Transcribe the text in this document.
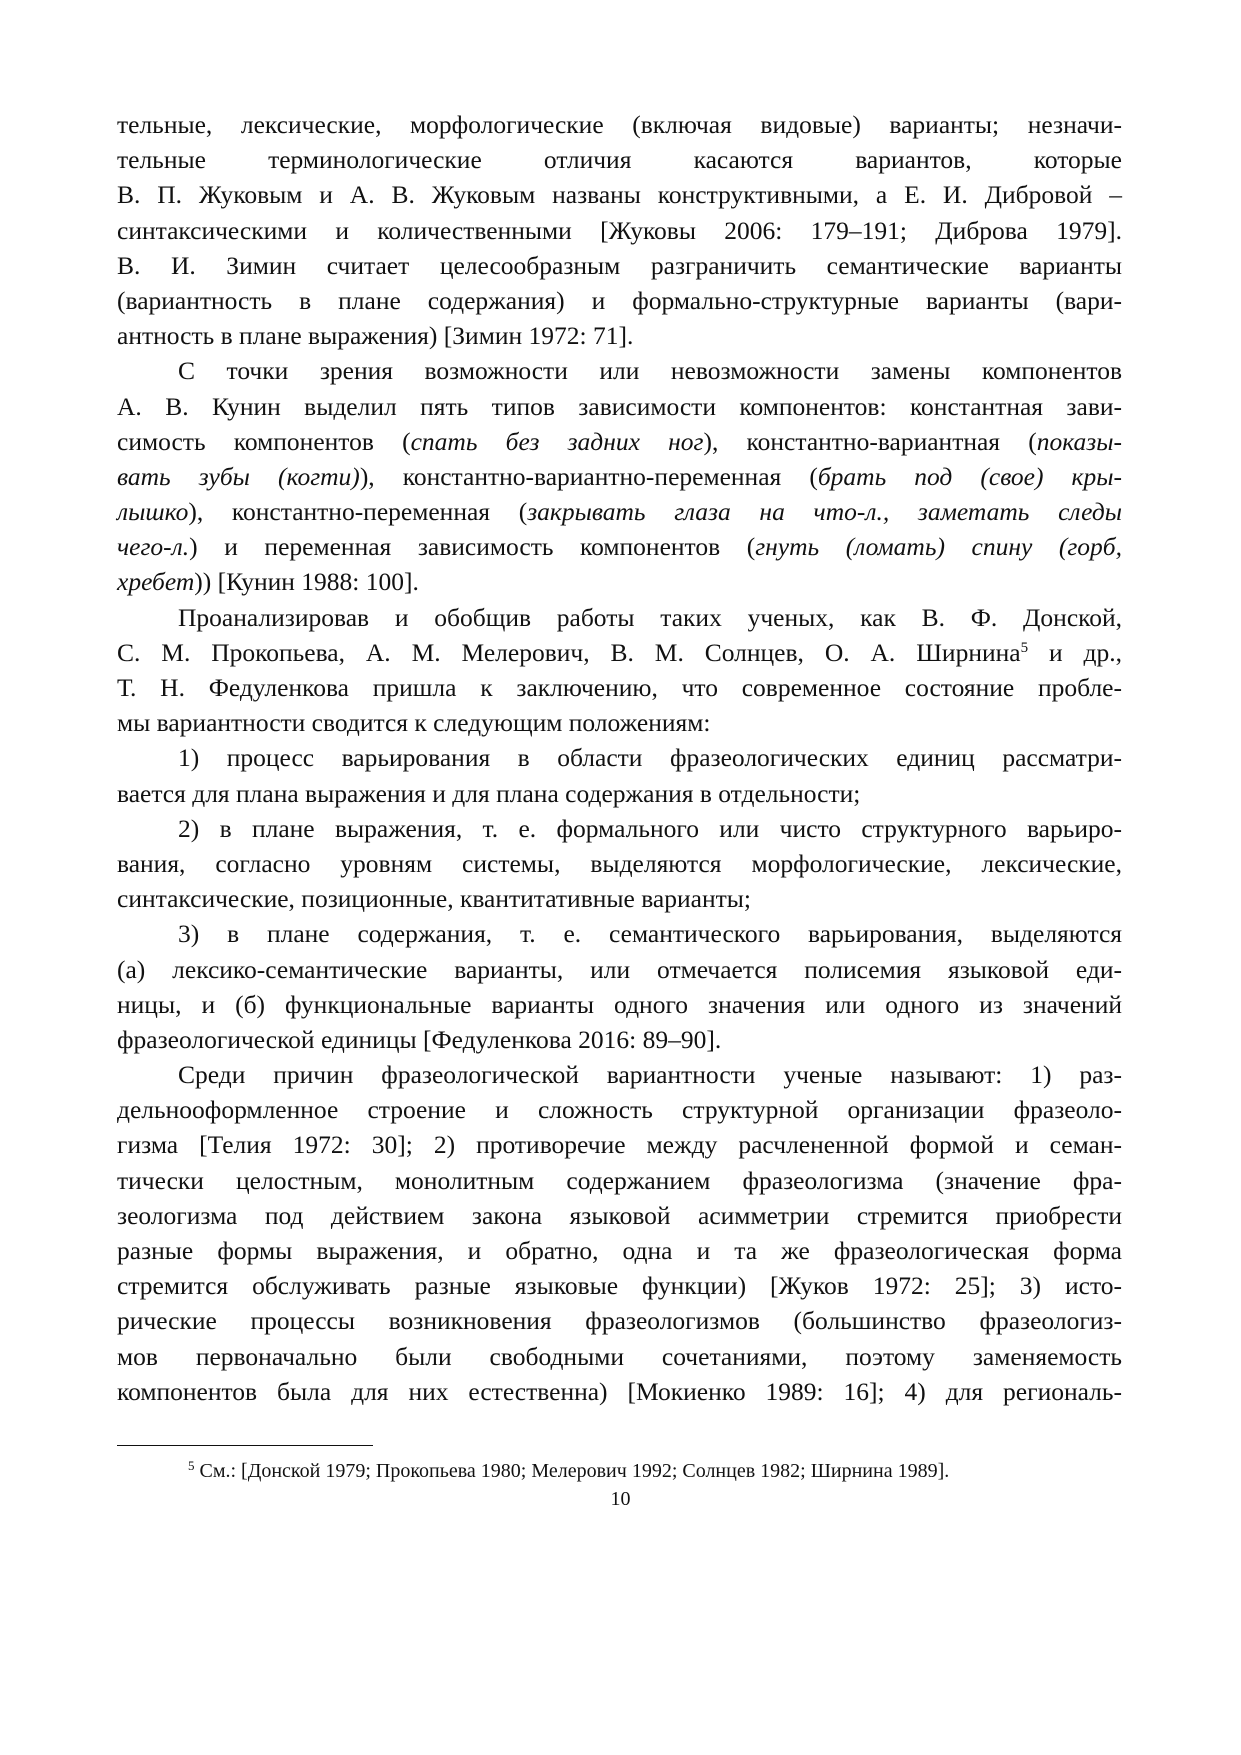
тельные, лексические, морфологические (включая видовые) варианты; незначи-
тельные терминологические отличия касаются вариантов, которые
В. П. Жуковым и А. В. Жуковым названы конструктивными, а Е. И. Дибровой –
синтаксическими и количественными [Жуковы 2006: 179–191; Диброва 1979].
В. И. Зимин считает целесообразным разграничить семантические варианты
(вариантность в плане содержания) и формально-структурные варианты (вари-
антность в плане выражения) [Зимин 1972: 71].
С точки зрения возможности или невозможности замены компонентов
А. В. Кунин выделил пять типов зависимости компонентов: константная зави-
симость компонентов (спать без задних ног), константно-вариантная (показы-
вать зубы (когти)), константно-вариантно-переменная (брать под (свое) кры-
лышко), константно-переменная (закрывать глаза на что-л., заметать следы
чего-л.) и переменная зависимость компонентов (гнуть (ломать) спину (горб,
хребет)) [Кунин 1988: 100].
Проанализировав и обобщив работы таких ученых, как В. Ф. Донской,
С. М. Прокопьева, А. М. Мелерович, В. М. Солнцев, О. А. Ширнина$^5$ и др.,
Т. Н. Федуленкова пришла к заключению, что современное состояние пробле-
мы вариантности сводится к следующим положениям:
1) процесс варьирования в области фразеологических единиц рассматри-
вается для плана выражения и для плана содержания в отдельности;
2) в плане выражения, т. е. формального или чисто структурного варьиро-
вания, согласно уровням системы, выделяются морфологические, лексические,
синтаксические, позиционные, квантитативные варианты;
3) в плане содержания, т. е. семантического варьирования, выделяются
(а) лексико-семантические варианты, или отмечается полисемия языковой еди-
ницы, и (б) функциональные варианты одного значения или одного из значений
фразеологической единицы [Федуленкова 2016: 89–90].
Среди причин фразеологической вариантности ученые называют: 1) раз-
дельнооформленное строение и сложность структурной организации фразеоло-
гизма [Телия 1972: 30]; 2) противоречие между расчлененной формой и семан-
тически целостным, монолитным содержанием фразеологизма (значение фра-
зеологизма под действием закона языковой асимметрии стремится приобрести
разные формы выражения, и обратно, одна и та же фразеологическая форма
стремится обслуживать разные языковые функции) [Жуков 1972: 25]; 3) исто-
рические процессы возникновения фразеологизмов (большинство фразеологиз-
мов первоначально были свободными сочетаниями, поэтому заменяемость
компонентов была для них естественна) [Мокиенко 1989: 16]; 4) для региональ-
$^5$ См.: [Донской 1979; Прокопьева 1980; Мелерович 1992; Солнцев 1982; Ширнина 1989].
10
